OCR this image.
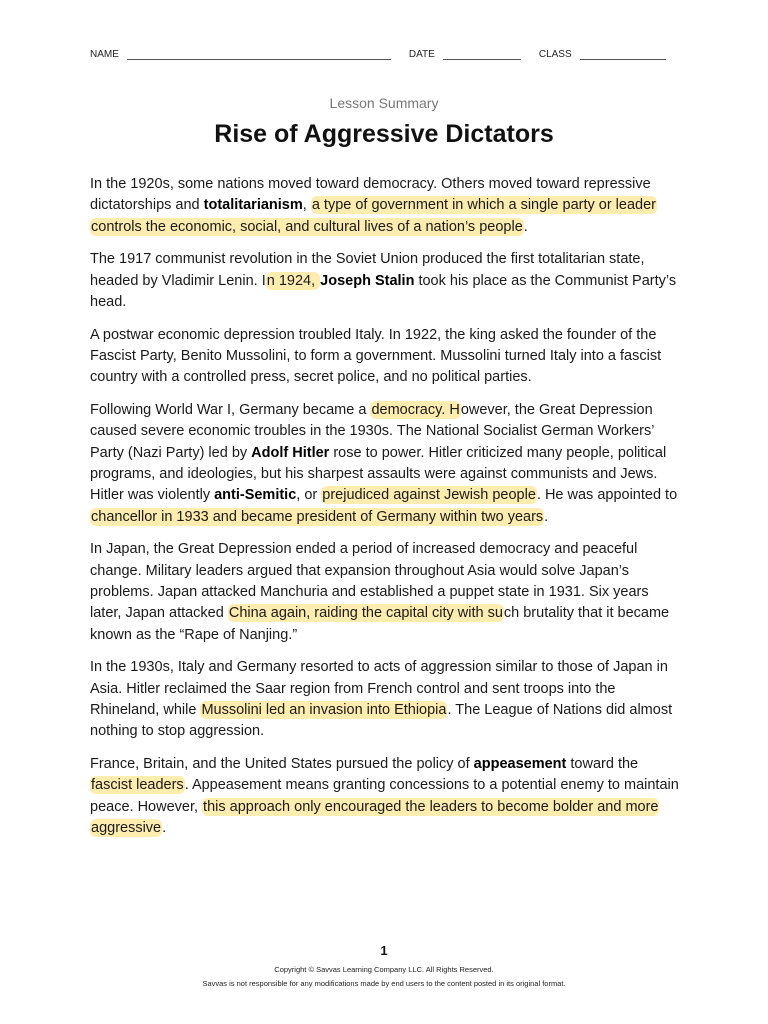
NAME	DATE	CLASS
Lesson Summary
Rise of Aggressive Dictators

In the 1920s, some nations moved toward democracy. Others moved toward repressive dictatorships and totalitarianism, a type of government in which a single party or leader controls the economic, social, and cultural lives of a nation’s people.

The 1917 communist revolution in the Soviet Union produced the first totalitarian state, headed by Vladimir Lenin. In 1924, Joseph Stalin took his place as the Communist Party’s head.

A postwar economic depression troubled Italy. In 1922, the king asked the founder of the Fascist Party, Benito Mussolini, to form a government. Mussolini turned Italy into a fascist country with a controlled press, secret police, and no political parties.

Following World War I, Germany became a democracy. However, the Great Depression caused severe economic troubles in the 1930s. The National Socialist German Workers’ Party (Nazi Party) led by Adolf Hitler rose to power. Hitler criticized many people, political programs, and ideologies, but his sharpest assaults were against communists and Jews. Hitler was violently anti-Semitic, or prejudiced against Jewish people. He was appointed to chancellor in 1933 and became president of Germany within two years.

In Japan, the Great Depression ended a period of increased democracy and peaceful change. Military leaders argued that expansion throughout Asia would solve Japan’s problems. Japan attacked Manchuria and established a puppet state in 1931. Six years later, Japan attacked China again, raiding the capital city with such brutality that it became known as the “Rape of Nanjing.”

In the 1930s, Italy and Germany resorted to acts of aggression similar to those of Japan in Asia. Hitler reclaimed the Saar region from French control and sent troops into the Rhineland, while Mussolini led an invasion into Ethiopia. The League of Nations did almost nothing to stop aggression.

France, Britain, and the United States pursued the policy of appeasement toward the fascist leaders. Appeasement means granting concessions to a potential enemy to maintain peace. However, this approach only encouraged the leaders to become bolder and more aggressive.

1
Copyright © Savvas Learning Company LLC. All Rights Reserved.
Savvas is not responsible for any modifications made by end users to the content posted in its original format.
